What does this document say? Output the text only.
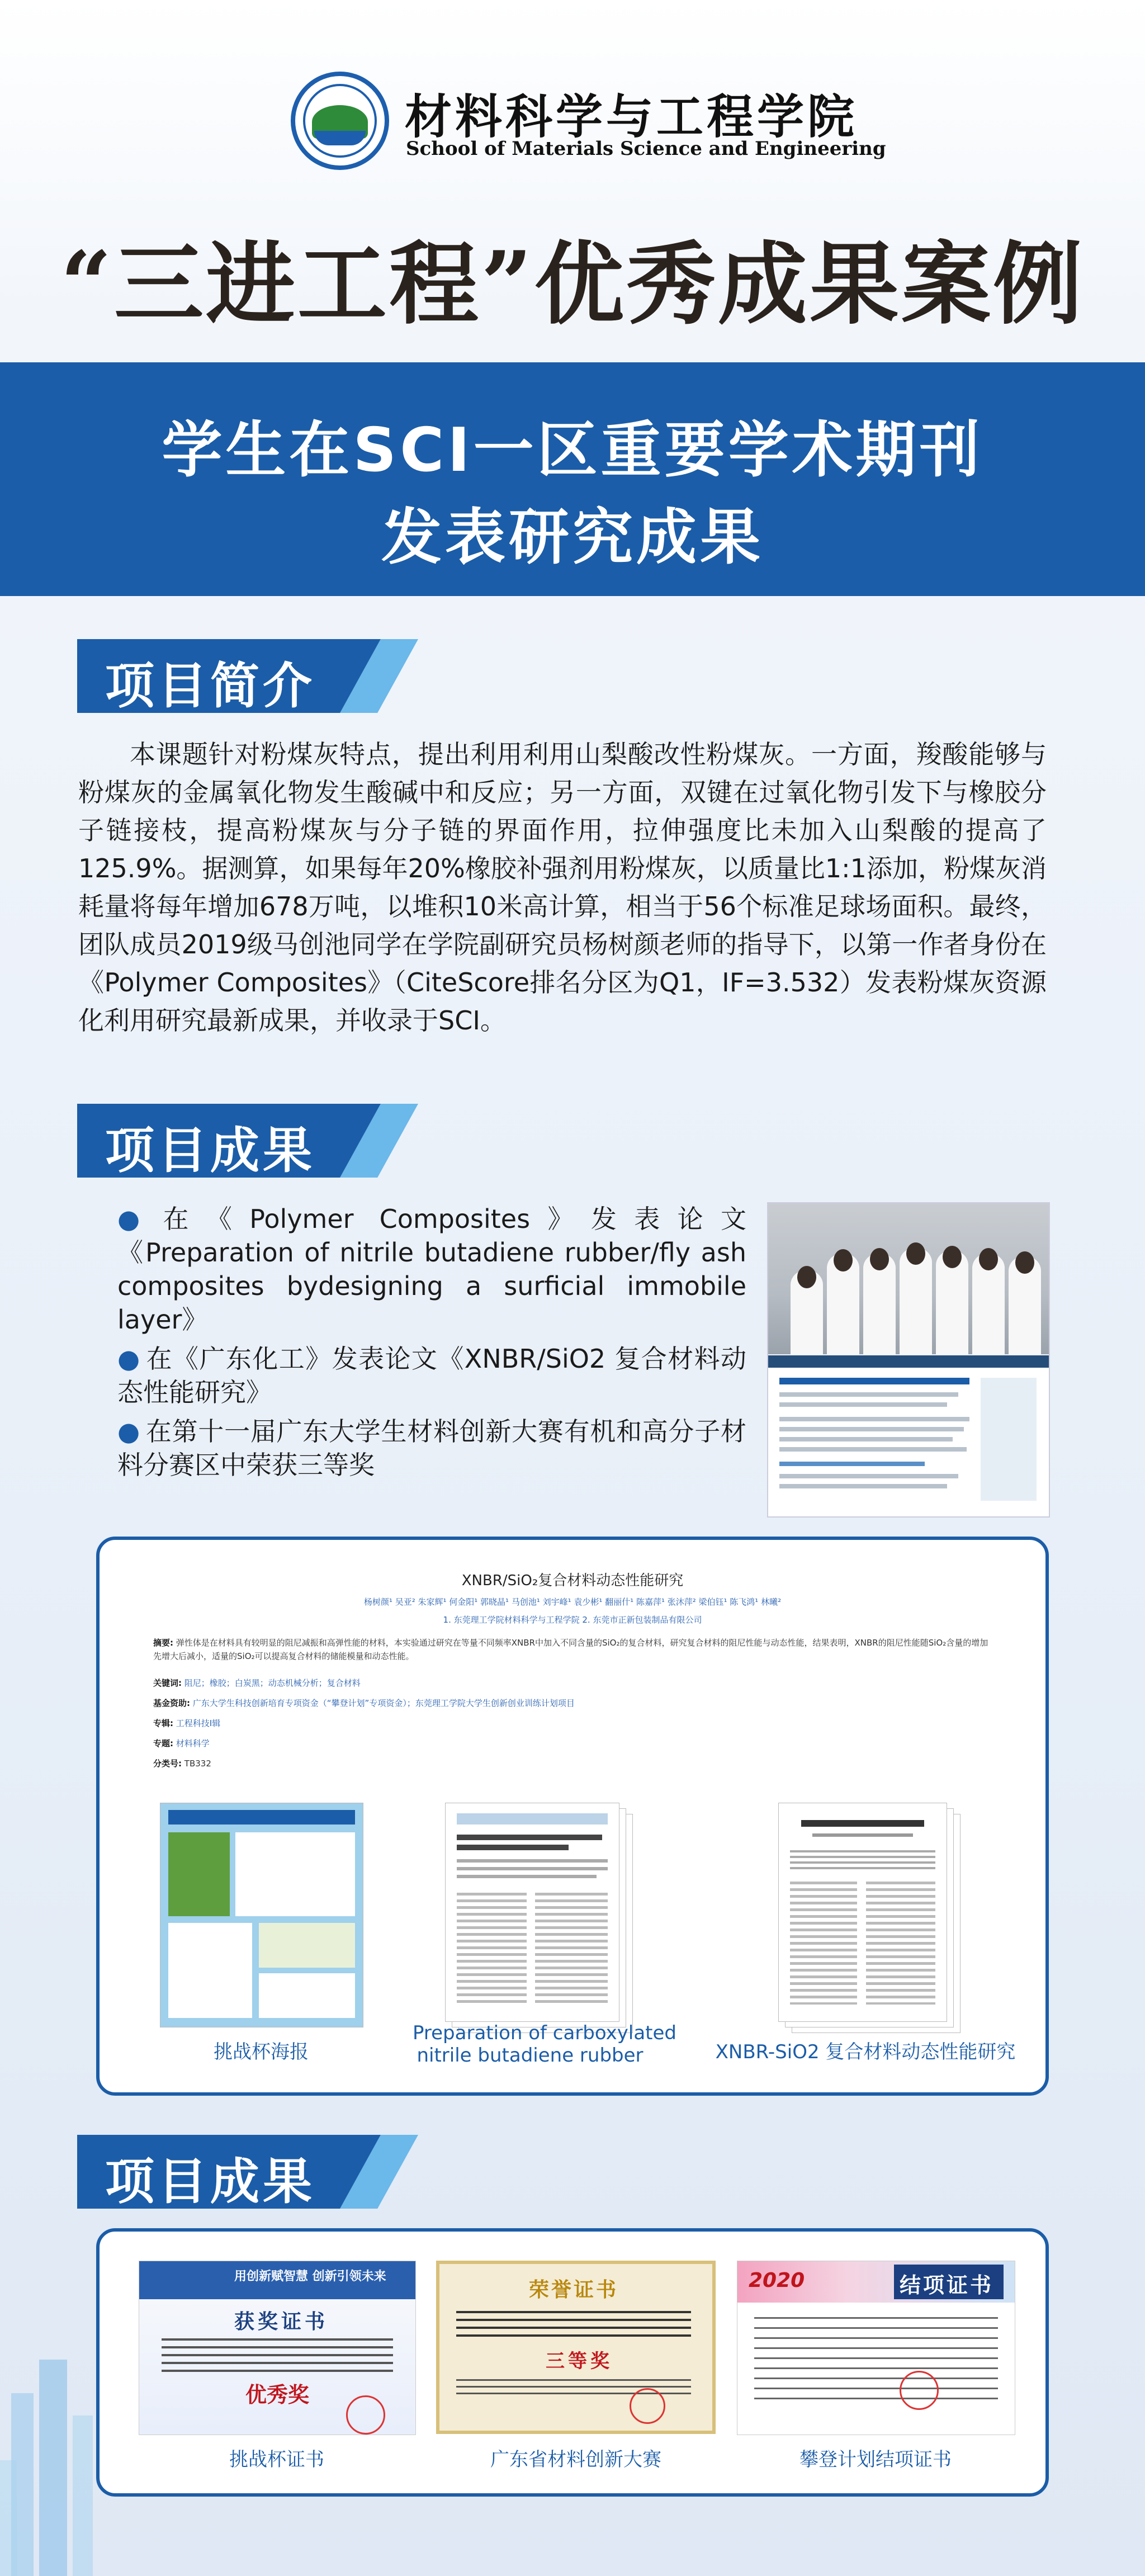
材料科学与工程学院
School of Materials Science and Engineering
“三进工程”优秀成果案例
学生在SCI一区重要学术期刊
发表研究成果
项目简介
本课题针对粉煤灰特点，提出利用利用山梨酸改性粉煤灰。一方面，羧酸能够与粉煤灰的金属氧化物发生酸碱中和反应；另一方面，双键在过氧化物引发下与橡胶分子链接枝，提高粉煤灰与分子链的界面作用，拉伸强度比未加入山梨酸的提高了125.9%。据测算，如果每年20%橡胶补强剂用粉煤灰，以质量比1:1添加，粉煤灰消耗量将每年增加678万吨，以堆积10米高计算，相当于56个标准足球场面积。最终，团队成员2019级马创池同学在学院副研究员杨树颜老师的指导下，以第一作者身份在《Polymer Composites》（CiteScore排名分区为Q1，IF=3.532）发表粉煤灰资源化利用研究最新成果，并收录于SCI。
项目成果
● 在《Polymer Composites》发表论文《Preparation of nitrile butadiene rubber/fly ash composites bydesigning a surficial immobile layer》
● 在《广东化工》发表论文《XNBR/SiO2 复合材料动态性能研究》
● 在第十一届广东大学生材料创新大赛有机和高分子材料分赛区中荣获三等奖
XNBR/SiO₂复合材料动态性能研究
杨树颜¹ 吴亚² 朱家辉¹ 何金阳¹ 郭晓晶¹ 马创池¹ 刘宇峰¹ 袁少彬¹ 翻丽什¹ 陈嘉萍¹ 张沐萍² 梁伯钰¹ 陈飞鸿¹ 林曦²
1. 东莞理工学院材料科学与工程学院 2. 东莞市正新包装制品有限公司
摘要: 弹性体是在材料具有较明显的阻尼减振和高弹性能的材料，本实验通过研究在等量不同频率XNBR中加入不同含量的SiO₂的复合材料，研究复合材料的阻尼性能与动态性能，结果表明，XNBR的阻尼性能随SiO₂含量的增加先增大后减小，适量的SiO₂可以提高复合材料的储能模量和动态性能。
关键词: 阻尼；橡胶；白炭黑；动态机械分析；复合材料
基金资助: 广东大学生科技创新培育专项资金（“攀登计划”专项资金）；东莞理工学院大学生创新创业训练计划项目
专辑: 工程科技Ⅰ辑
专题: 材料科学
分类号: TB332
挑战杯海报
Preparation of carboxylated
nitrile butadiene rubber	XNBR-SiO2 复合材料动态性能研究
项目成果
用创新赋智慧 创新引领未来
获奖证书
优秀奖
挑战杯证书
荣誉证书
三等奖
广东省材料创新大赛
2020	结项证书
攀登计划结项证书
